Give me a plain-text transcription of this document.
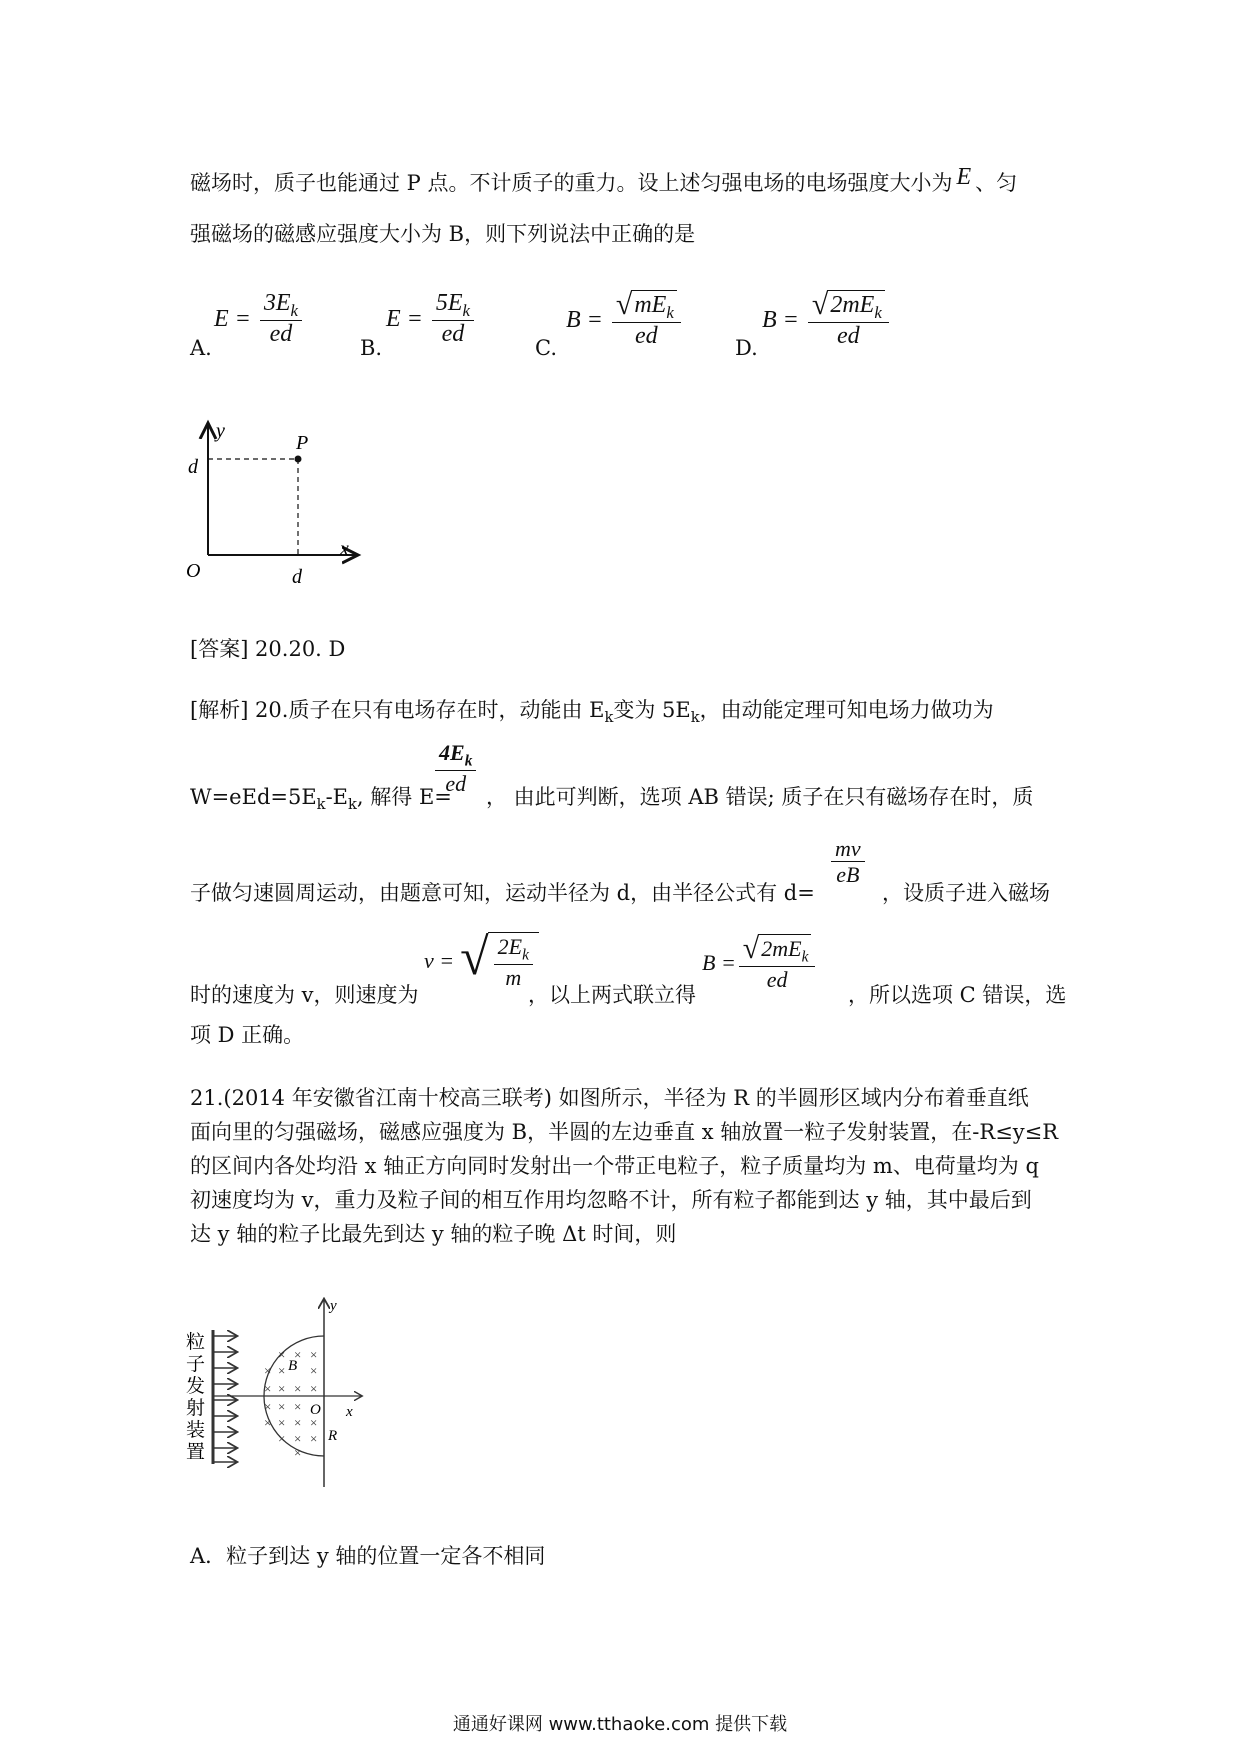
磁场时，质子也能通过 P 点。不计质子的重力。设上述匀强电场的电场强度大小为 E 、匀
强磁场的磁感应强度大小为 B，则下列说法中正确的是
A.
$E = \frac{3E_k}{ed}$	B.
$E = \frac{5E_k}{ed}$	C.
$B = \frac{√ mE_k}{ed}$	D.
$B = \frac{√ 2mE_k}{ed}$
y
x
O
P
d
d
[答案] 20.20. D
[解析] 20.质子在只有电场存在时，动能由 $E_k$变为 $5E_k$，由动能定理可知电场力做功为
$W=eEd=5E_k-E_k$, 解得 E=
$\frac{4E_k}{ed}$
， 由此可判断，选项 AB 错误; 质子在只有磁场存在时，质
子做匀速圆周运动，由题意可知，运动半径为 d，由半径公式有 d=
$\frac{mv}{eB}$
，设质子进入磁场
时的速度为 v，则速度为
v = √ $\frac{2E_k}{m}$
，以上两式联立得
$B = \frac{√ 2mE_k}{ed}$
，所以选项 C 错误，选
项 D 正确。
21.(2014 年安徽省江南十校高三联考) 如图所示，半径为 R 的半圆形区域内分布着垂直纸
面向里的匀强磁场，磁感应强度为 B，半圆的左边垂直 x 轴放置一粒子发射装置，在-R≤y≤R
的区间内各处均沿 x 轴正方向同时发射出一个带正电粒子，粒子质量均为 m、电荷量均为 q
初速度均为 v，重力及粒子间的相互作用均忽略不计，所有粒子都能到达 y 轴，其中最后到
达 y 轴的粒子比最先到达 y 轴的粒子晚 Δt 时间，则
粒
子
发
射
装
置
× × ×
× × ×
× × × ×
× × ×
× × × ×
× × ×
×
y
x
B
O
R
A．粒子到达 y 轴的位置一定各不相同
通通好课网 www.tthaoke.com 提供下载
